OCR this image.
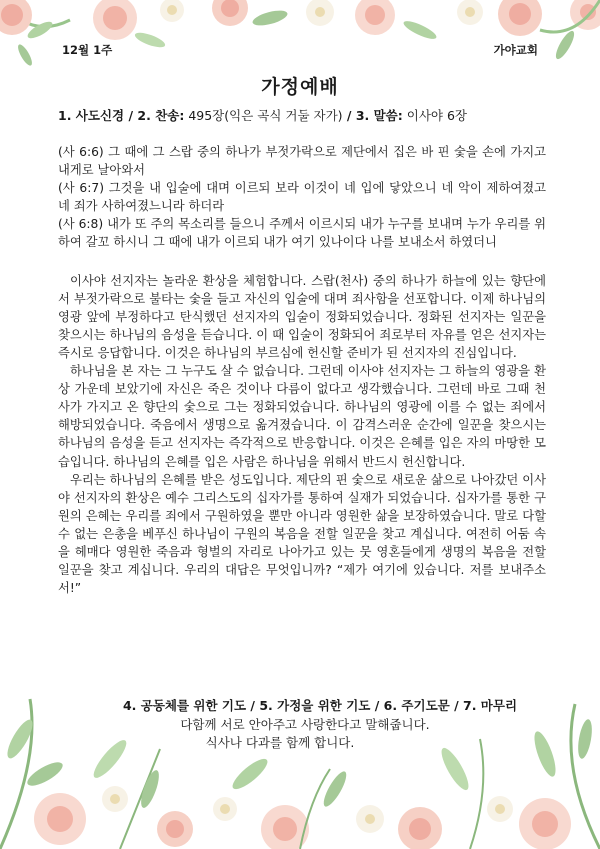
12월 1주	가야교회
가정예배
1. 사도신경 / 2. 찬송: 495장(익은 곡식 거둘 자가) / 3. 말씀: 이사야 6장

(사 6:6) 그 때에 그 스랍 중의 하나가 부젓가락으로 제단에서 집은 바 핀 숯을 손에 가지고 내게로 날아와서

(사 6:7) 그것을 내 입술에 대며 이르되 보라 이것이 네 입에 닿았으니 네 악이 제하여졌고 네 죄가 사하여졌느니라 하더라

(사 6:8) 내가 또 주의 목소리를 들으니 주께서 이르시되 내가 누구를 보내며 누가 우리를 위하여 갈꼬 하시니 그 때에 내가 이르되 내가 여기 있나이다 나를 보내소서 하였더니

이사야 선지자는 놀라운 환상을 체험합니다. 스랍(천사) 중의 하나가 하늘에 있는 향단에서 부젓가락으로 불타는 숯을 들고 자신의 입술에 대며 죄사함을 선포합니다. 이제 하나님의 영광 앞에 부정하다고 탄식했던 선지자의 입술이 정화되었습니다. 정화된 선지자는 일꾼을 찾으시는 하나님의 음성을 듣습니다. 이 때 입술이 정화되어 죄로부터 자유를 얻은 선지자는 즉시로 응답합니다. 이것은 하나님의 부르심에 헌신할 준비가 된 선지자의 진심입니다.

하나님을 본 자는 그 누구도 살 수 없습니다. 그런데 이사야 선지자는 그 하늘의 영광을 환상 가운데 보았기에 자신은 죽은 것이나 다름이 없다고 생각했습니다. 그런데 바로 그때 천사가 가지고 온 향단의 숯으로 그는 정화되었습니다. 하나님의 영광에 이를 수 없는 죄에서 해방되었습니다. 죽음에서 생명으로 옮겨졌습니다. 이 감격스러운 순간에 일꾼을 찾으시는 하나님의 음성을 듣고 선지자는 즉각적으로 반응합니다. 이것은 은혜를 입은 자의 마땅한 모습입니다. 하나님의 은혜를 입은 사람은 하나님을 위해서 반드시 헌신합니다.

우리는 하나님의 은혜를 받은 성도입니다. 제단의 핀 숯으로 새로운 삶으로 나아갔던 이사야 선지자의 환상은 예수 그리스도의 십자가를 통하여 실재가 되었습니다. 십자가를 통한 구원의 은혜는 우리를 죄에서 구원하였을 뿐만 아니라 영원한 삶을 보장하였습니다. 말로 다할 수 없는 은총을 베푸신 하나님이 구원의 복음을 전할 일꾼을 찾고 계십니다. 여전히 어둠 속을 헤매다 영원한 죽음과 형벌의 자리로 나아가고 있는 뭇 영혼들에게 생명의 복음을 전할 일꾼을 찾고 계십니다. 우리의 대답은 무엇입니까? “제가 여기에 있습니다. 저를 보내주소서!”

4. 공동체를 위한 기도 / 5. 가정을 위한 기도 / 6. 주기도문 / 7. 마무리
다함께 서로 안아주고 사랑한다고 말해줍니다.
식사나 다과를 함께 합니다.
